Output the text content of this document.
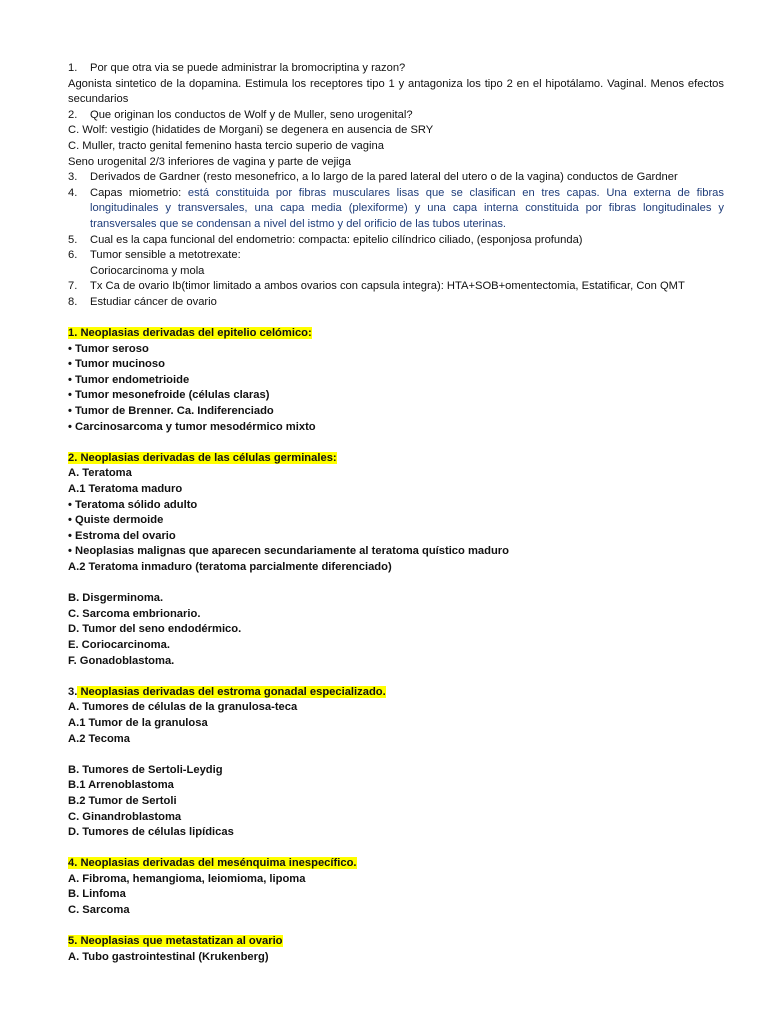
1. Por que otra via se puede administrar la bromocriptina y razon?
Agonista sintetico de la dopamina. Estimula los receptores tipo 1 y antagoniza los tipo 2 en el hipotálamo. Vaginal. Menos efectos secundarios
2. Que originan los conductos de Wolf y de Muller, seno urogenital?
C. Wolf: vestigio (hidatides de Morgani) se degenera en ausencia de SRY
C. Muller, tracto genital femenino hasta tercio superio de vagina
Seno urogenital 2/3 inferiores de vagina y parte de vejiga
3. Derivados de Gardner (resto mesonefrico, a lo largo de la pared lateral del utero o de la vagina) conductos de Gardner
4. Capas miometrio: está constituida por fibras musculares lisas que se clasifican en tres capas. Una externa de fibras longitudinales y transversales, una capa media (plexiforme) y una capa interna constituida por fibras longitudinales y transversales que se condensan a nivel del istmo y del orificio de las tubos uterinas.
5. Cual es la capa funcional del endometrio: compacta: epitelio cilíndrico ciliado, (esponjosa profunda)
6. Tumor sensible a metotrexate:
Coriocarcinoma y mola
7. Tx Ca de ovario Ib(timor limitado a ambos ovarios con capsula integra): HTA+SOB+omentectomia, Estatificar, Con QMT
8. Estudiar cáncer de ovario
1. Neoplasias derivadas del epitelio celómico:
• Tumor seroso
• Tumor mucinoso
• Tumor endometrioide
• Tumor mesonefroide (células claras)
• Tumor de Brenner. Ca. Indiferenciado
• Carcinosarcoma y tumor mesodérmico mixto
2. Neoplasias derivadas de las células germinales:
A. Teratoma
A.1 Teratoma maduro
• Teratoma sólido adulto
• Quiste dermoide
• Estroma del ovario
• Neoplasias malignas que aparecen secundariamente al teratoma quístico maduro
A.2 Teratoma inmaduro (teratoma parcialmente diferenciado)
B. Disgerminoma.
C. Sarcoma embrionario.
D. Tumor del seno endodérmico.
E. Coriocarcinoma.
F. Gonadoblastoma.
3. Neoplasias derivadas del estroma gonadal especializado.
A. Tumores de células de la granulosa-teca
A.1 Tumor de la granulosa
A.2 Tecoma
B. Tumores de Sertoli-Leydig
B.1 Arrenoblastoma
B.2 Tumor de Sertoli
C. Ginandroblastoma
D. Tumores de células lipídicas
4. Neoplasias derivadas del mesénquima inespecífico.
A. Fibroma, hemangioma, leiomioma, lipoma
B. Linfoma
C. Sarcoma
5. Neoplasias que metastatizan al ovario
A. Tubo gastrointestinal (Krukenberg)
